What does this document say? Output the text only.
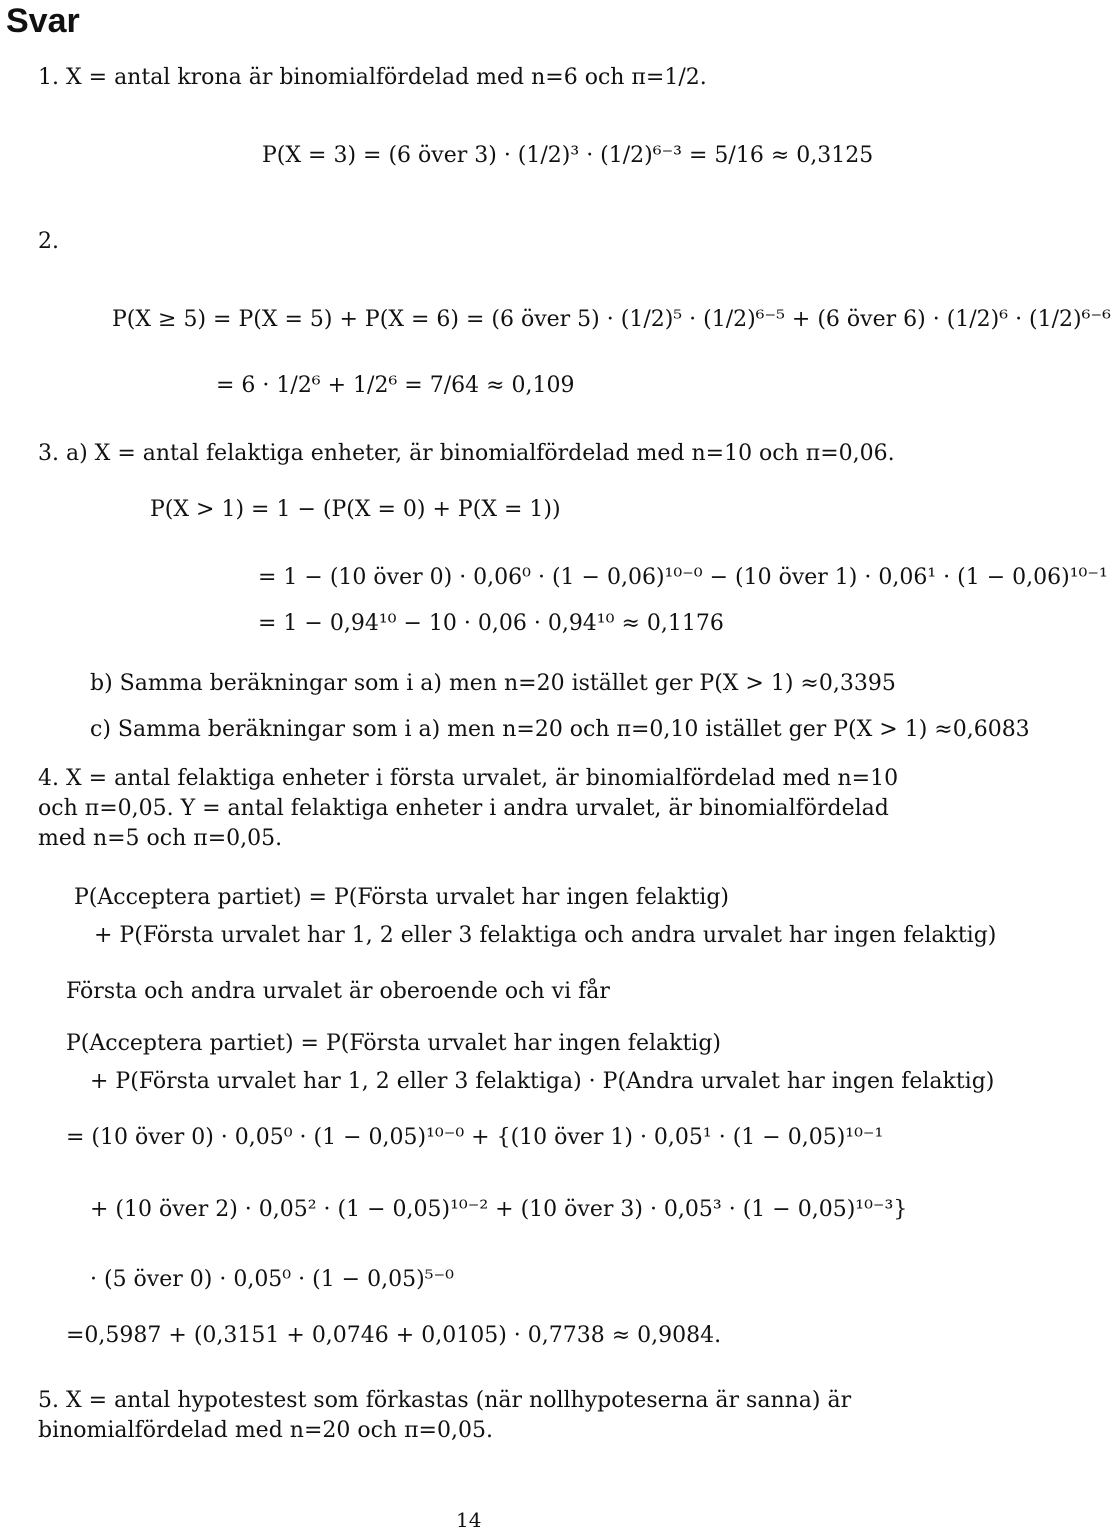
Svar
1. X = antal krona är binomialfördelad med n=6 och π=1/2.
P(X = 3) = (6 över 3) · (1/2)³ · (1/2)⁶⁻³ = 5/16 ≈ 0,3125
2.
P(X ≥ 5) = P(X = 5) + P(X = 6) = (6 över 5) · (1/2)⁵ · (1/2)⁶⁻⁵ + (6 över 6) · (1/2)⁶ · (1/2)⁶⁻⁶
= 6 · 1/2⁶ + 1/2⁶ = 7/64 ≈ 0,109
3. a) X = antal felaktiga enheter, är binomialfördelad med n=10 och π=0,06.
P(X > 1) = 1 − (P(X = 0) + P(X = 1))
= 1 − (10 över 0) · 0,06⁰ · (1 − 0,06)¹⁰⁻⁰ − (10 över 1) · 0,06¹ · (1 − 0,06)¹⁰⁻¹
= 1 − 0,94¹⁰ − 10 · 0,06 · 0,94¹⁰ ≈ 0,1176
b) Samma beräkningar som i a) men n=20 istället ger P(X > 1) ≈0,3395
c) Samma beräkningar som i a) men n=20 och π=0,10 istället ger P(X > 1) ≈0,6083
4. X = antal felaktiga enheter i första urvalet, är binomialfördelad med n=10 och π=0,05. Y = antal felaktiga enheter i andra urvalet, är binomialfördelad med n=5 och π=0,05.
P(Acceptera partiet) = P(Första urvalet har ingen felaktig)
+ P(Första urvalet har 1, 2 eller 3 felaktiga och andra urvalet har ingen felaktig)
Första och andra urvalet är oberoende och vi får
P(Acceptera partiet) = P(Första urvalet har ingen felaktig)
+ P(Första urvalet har 1, 2 eller 3 felaktiga) · P(Andra urvalet har ingen felaktig)
= (10 över 0) · 0,05⁰ · (1 − 0,05)¹⁰⁻⁰ + {(10 över 1) · 0,05¹ · (1 − 0,05)¹⁰⁻¹
+ (10 över 2) · 0,05² · (1 − 0,05)¹⁰⁻² + (10 över 3) · 0,05³ · (1 − 0,05)¹⁰⁻³}
· (5 över 0) · 0,05⁰ · (1 − 0,05)⁵⁻⁰
=0,5987 + (0,3151 + 0,0746 + 0,0105) · 0,7738 ≈ 0,9084.
5. X = antal hypotestest som förkastas (när nollhypoteserna är sanna) är binomialfördelad med n=20 och π=0,05.
14
